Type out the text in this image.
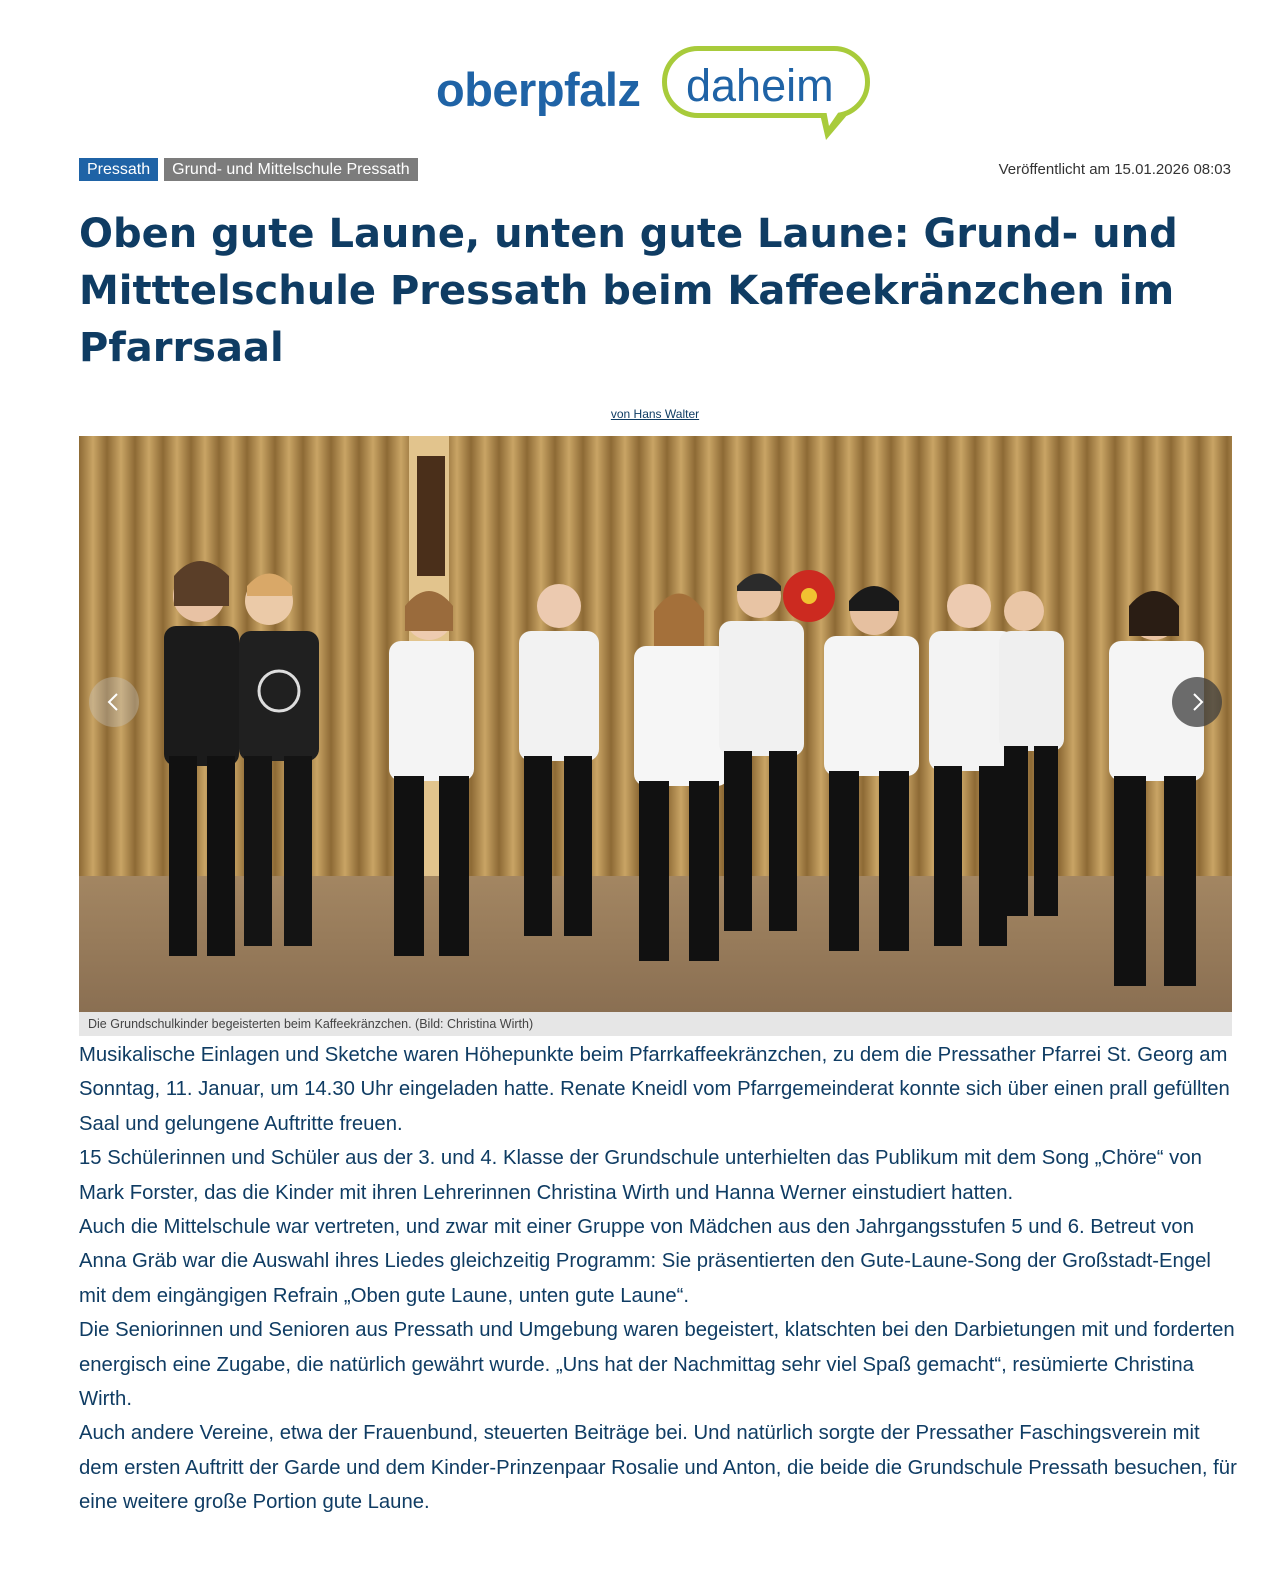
oberpfalz daheim
Pressath	Grund- und Mittelschule Pressath	Veröffentlicht am 15.01.2026 08:03
Oben gute Laune, unten gute Laune: Grund- und Mitttelschule Pressath beim Kaffeekränzchen im Pfarrsaal
von Hans Walter
Die Grundschulkinder begeisterten beim Kaffeekränzchen. (Bild: Christina Wirth)

Musikalische Einlagen und Sketche waren Höhepunkte beim Pfarrkaffeekränzchen, zu dem die Pressather Pfarrei St. Georg am Sonntag, 11. Januar, um 14.30 Uhr eingeladen hatte. Renate Kneidl vom Pfarrgemeinderat konnte sich über einen prall gefüllten Saal und gelungene Auftritte freuen.

15 Schülerinnen und Schüler aus der 3. und 4. Klasse der Grundschule unterhielten das Publikum mit dem Song „Chöre“ von Mark Forster, das die Kinder mit ihren Lehrerinnen Christina Wirth und Hanna Werner einstudiert hatten.

Auch die Mittelschule war vertreten, und zwar mit einer Gruppe von Mädchen aus den Jahrgangsstufen 5 und 6. Betreut von Anna Gräb war die Auswahl ihres Liedes gleichzeitig Programm: Sie präsentierten den Gute-Laune-Song der Großstadt-Engel mit dem eingängigen Refrain „Oben gute Laune, unten gute Laune“.

Die Seniorinnen und Senioren aus Pressath und Umgebung waren begeistert, klatschten bei den Darbietungen mit und forderten energisch eine Zugabe, die natürlich gewährt wurde. „Uns hat der Nachmittag sehr viel Spaß gemacht“, resümierte Christina Wirth.

Auch andere Vereine, etwa der Frauenbund, steuerten Beiträge bei. Und natürlich sorgte der Pressather Faschingsverein mit dem ersten Auftritt der Garde und dem Kinder-Prinzenpaar Rosalie und Anton, die beide die Grundschule Pressath besuchen, für eine weitere große Portion gute Laune.
